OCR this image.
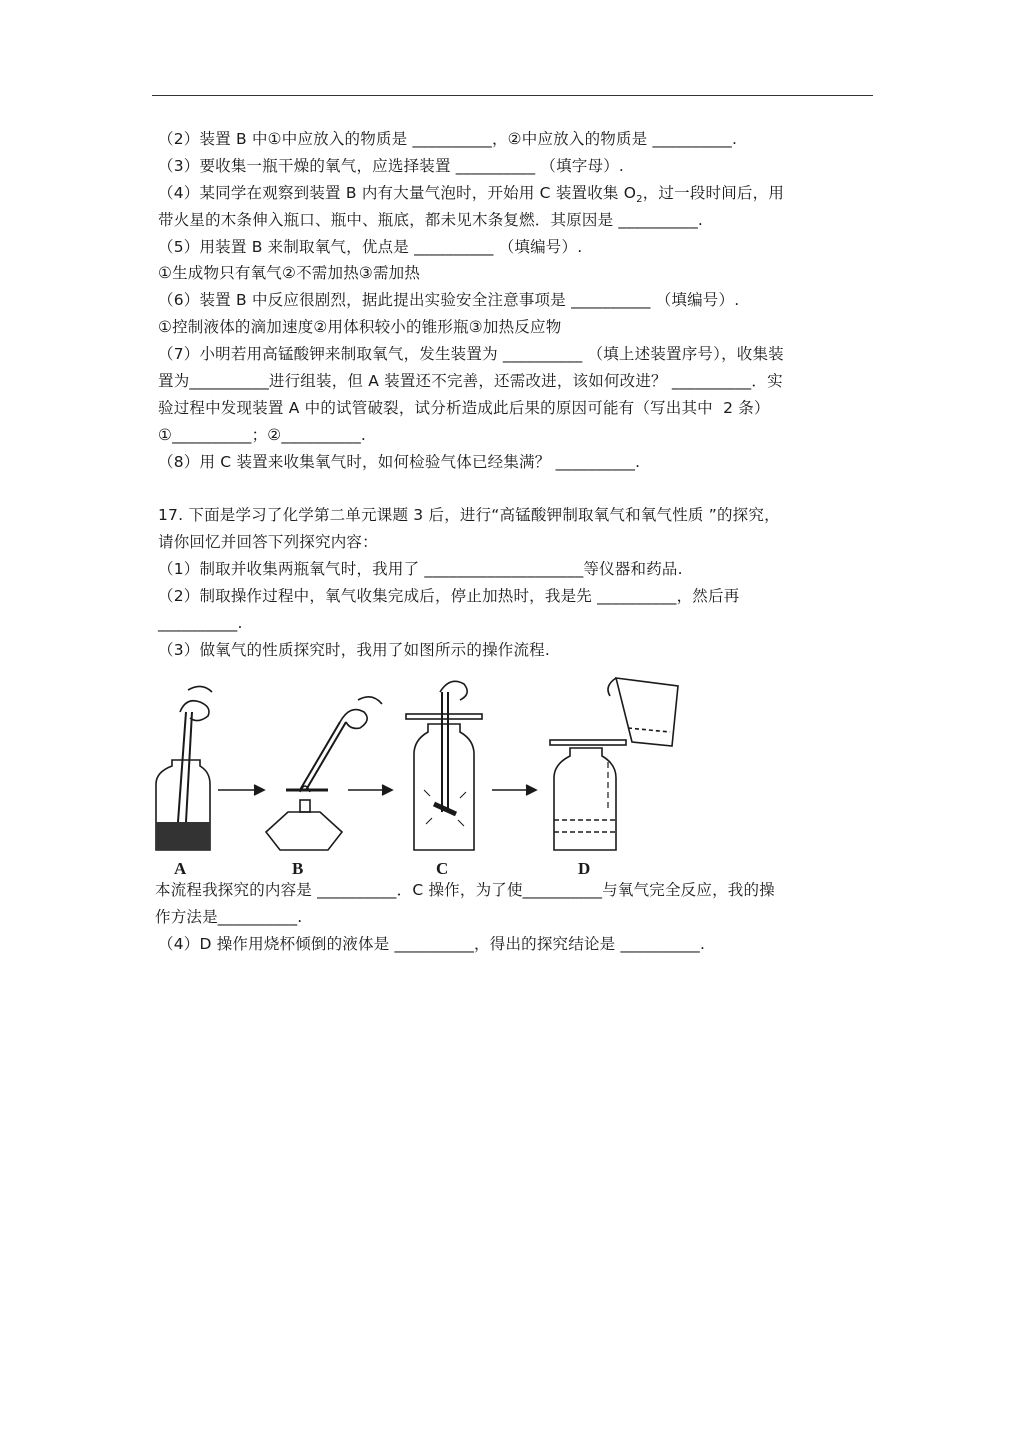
（2）装置 B 中①中应放入的物质是 __________，②中应放入的物质是 __________.
（3）要收集一瓶干燥的氧气，应选择装置 __________ （填字母）.
（4）某同学在观察到装置 B 内有大量气泡时，开始用 C 装置收集 $O_2$，过一段时间后，用
带火星的木条伸入瓶口、瓶中、瓶底，都未见木条复燃．其原因是 __________.
（5）用装置 B 来制取氧气，优点是 __________ （填编号）.
①生成物只有氧气②不需加热③需加热
（6）装置 B 中反应很剧烈，据此提出实验安全注意事项是 __________ （填编号）.
①控制液体的滴加速度②用体积较小的锥形瓶③加热反应物
（7）小明若用高锰酸钾来制取氧气，发生装置为 __________ （填上述装置序号），收集装
置为__________进行组装，但 A 装置还不完善，还需改进，该如何改进？ __________．实
验过程中发现装置 A 中的试管破裂，试分析造成此后果的原因可能有（写出其中  2 条）
①__________；②__________.
（8）用 C 装置来收集氧气时，如何检验气体已经集满？ __________.
17. 下面是学习了化学第二单元课题 3 后，进行“高锰酸钾制取氧气和氧气性质 ”的探究，
请你回忆并回答下列探究内容：
（1）制取并收集两瓶氧气时，我用了 ____________________等仪器和药品.
（2）制取操作过程中，氧气收集完成后，停止加热时，我是先 __________，然后再
__________.
（3）做氧气的性质探究时，我用了如图所示的操作流程.
A	B	C	D
本流程我探究的内容是 __________．C 操作，为了使__________与氧气完全反应，我的操
作方法是__________.
（4）D 操作用烧杯倾倒的液体是 __________，得出的探究结论是 __________.
